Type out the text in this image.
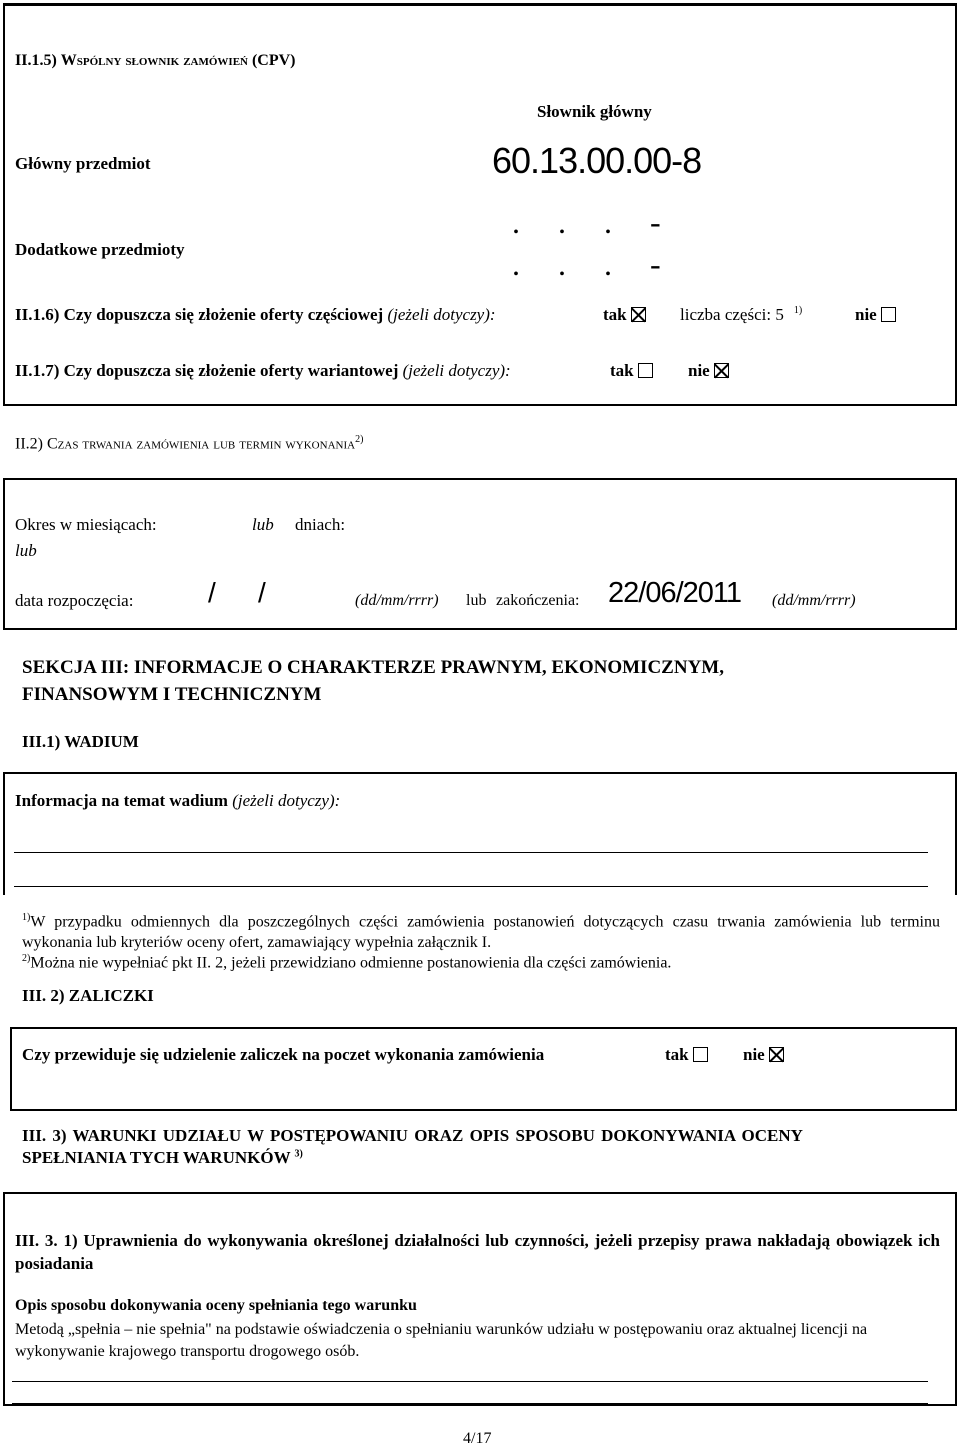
II.1.5) Wspólny słownik zamówień (CPV)
Słownik główny
Główny przedmiot	60.13.00.00-8
Dodatkowe przedmioty
. . . -
. . . -
II.1.6) Czy dopuszcza się złożenie oferty częściowej (jeżeli dotyczy):	tak	liczba części: 5 $^{1)}$	nie
II.1.7) Czy dopuszcza się złożenie oferty wariantowej (jeżeli dotyczy):	tak	nie
II.2) Czas trwania zamówienia lub termin wykonania$^{2)}$
Okres w miesiącach:	lub dniach:
lub
data rozpoczęcia:	/ /	(dd/mm/rrrr) lub zakończenia: 22/06/2011 (dd/mm/rrrr)
SEKCJA III: INFORMACJE O CHARAKTERZE PRAWNYM, EKONOMICZNYM,
FINANSOWYM I TECHNICZNYM
III.1) WADIUM
Informacja na temat wadium (jeżeli dotyczy):
$^{1)}$W przypadku odmiennych dla poszczególnych części zamówienia postanowień dotyczących czasu trwania zamówienia lub terminu wykonania lub kryteriów oceny ofert, zamawiający wypełnia załącznik I.
$^{2)}$Można nie wypełniać pkt II. 2, jeżeli przewidziano odmienne postanowienia dla części zamówienia.
III. 2) ZALICZKI
Czy przewiduje się udzielenie zaliczek na poczet wykonania zamówienia	tak	nie
III. 3) WARUNKI UDZIAŁU W POSTĘPOWANIU ORAZ OPIS SPOSOBU DOKONYWANIA OCENY
SPEŁNIANIA TYCH WARUNKÓW $^{3)}$
III. 3. 1) Uprawnienia do wykonywania określonej działalności lub czynności, jeżeli przepisy prawa nakładają obowiązek ich posiadania
Opis sposobu dokonywania oceny spełniania tego warunku
Metodą „spełnia – nie spełnia" na podstawie oświadczenia o spełnianiu warunków udziału w postępowaniu oraz aktualnej licencji na wykonywanie krajowego transportu drogowego osób.
4/17
